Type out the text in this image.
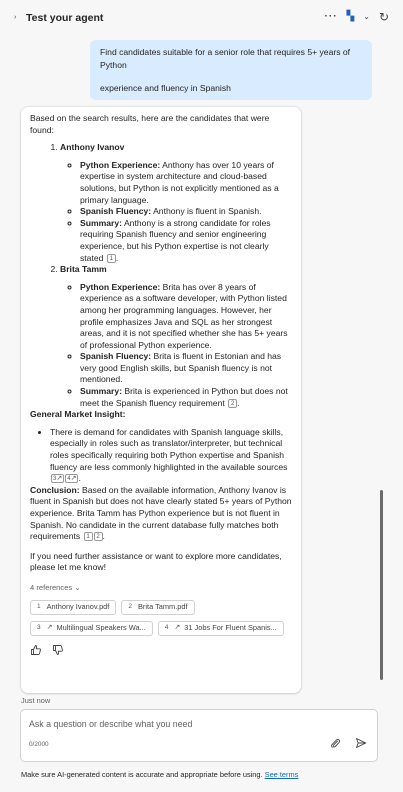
› Test your agent	··· ▚ ⌄ ↻

Find candidates suitable for a senior role that requires 5+ years of Python

experience and fluency in Spanish

Based on the search results, here are the candidates that were found:

1. Anthony Ivanov
◦ Python Experience: Anthony has over 10 years of expertise in system architecture and cloud-based solutions, but Python is not explicitly mentioned as a primary language.
◦ Spanish Fluency: Anthony is fluent in Spanish.
◦ Summary: Anthony is a strong candidate for roles requiring Spanish fluency and senior engineering experience, but his Python expertise is not clearly stated 1 .
2. Brita Tamm
◦ Python Experience: Brita has over 8 years of experience as a software developer, with Python listed among her programming languages. However, her profile emphasizes Java and SQL as her strongest areas, and it is not specified whether she has 5+ years of professional Python experience.
◦ Spanish Fluency: Brita is fluent in Estonian and has very good English skills, but Spanish fluency is not mentioned.
◦ Summary: Brita is experienced in Python but does not meet the Spanish fluency requirement 2 .

General Market Insight:

• There is demand for candidates with Spanish language skills, especially in roles such as translator/interpreter, but technical roles specifically requiring both Python expertise and Spanish fluency are less commonly highlighted in the available sources 3↗ 4↗ .

Conclusion: Based on the available information, Anthony Ivanov is fluent in Spanish but does not have clearly stated 5+ years of Python experience. Brita Tamm has Python experience but is not fluent in Spanish. No candidate in the current database fully matches both requirements 1 2 .

If you need further assistance or want to explore more candidates, please let me know!

4 references ⌄

1 Anthony Ivanov.pdf	2 Brita Tamm.pdf
3 ↗ Multilingual Speakers Wa...	4 ↗ 31 Jobs For Fluent Spanis...
Just now
Ask a question or describe what you need
0/2000
Make sure AI-generated content is accurate and appropriate before using. See terms
